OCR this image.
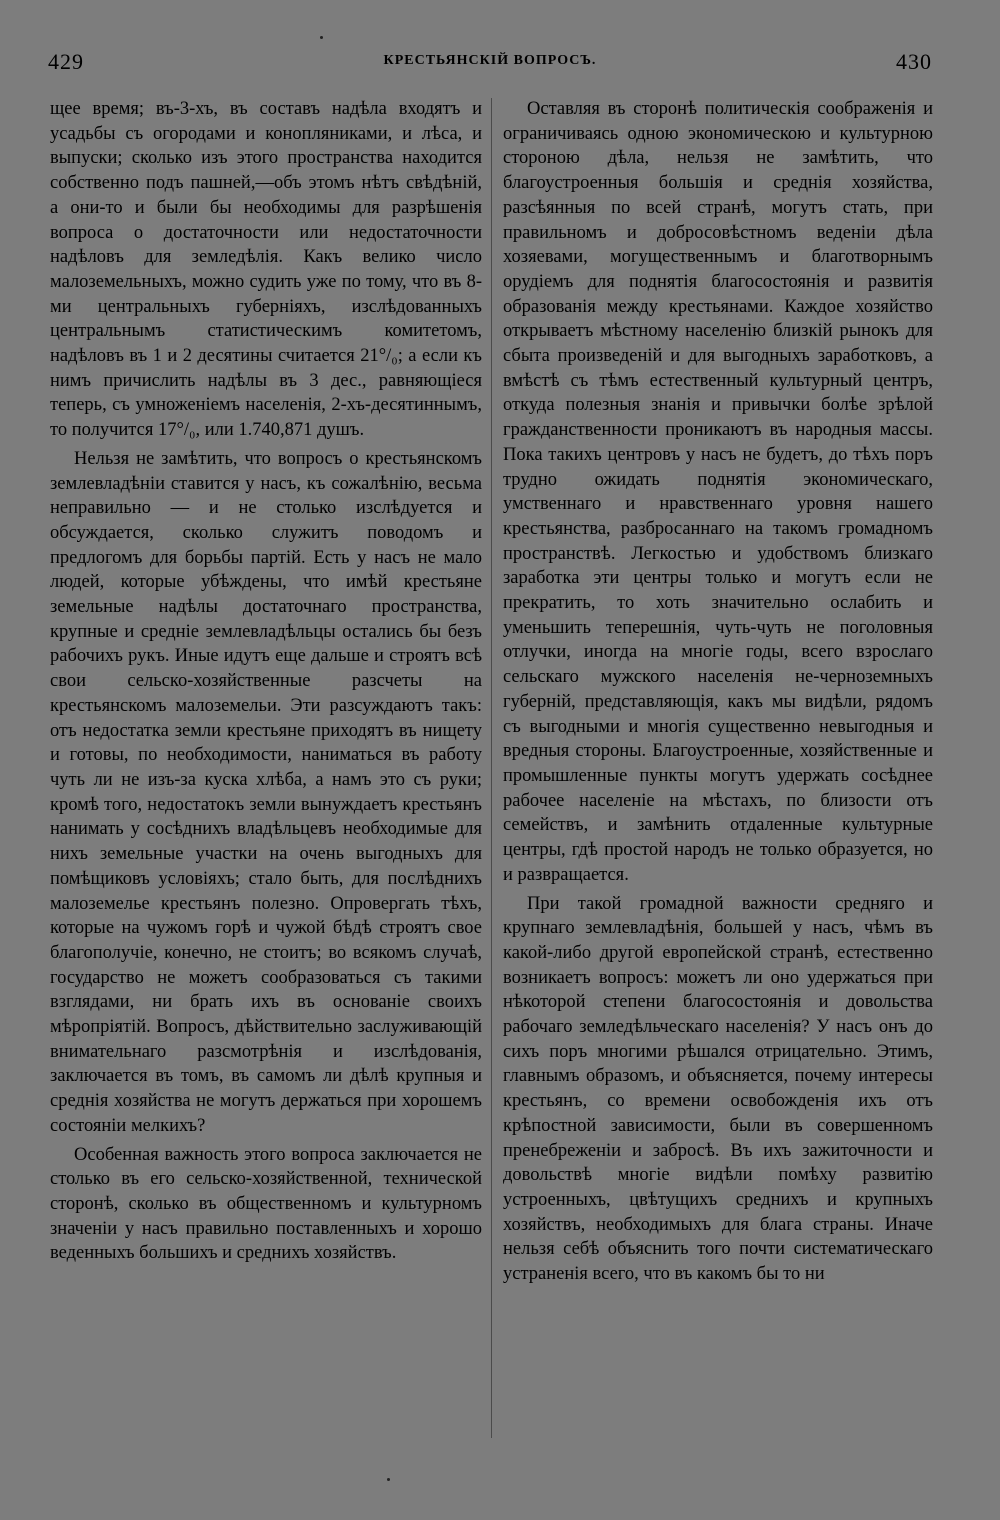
429	КРЕСТЬЯНСКІЙ ВОПРОСЪ.	430

щее время; въ-3-хъ, въ составъ надѣла входятъ и усадьбы съ огородами и конопляниками, и лѣса, и выпуски; сколько изъ этого пространства находится собственно подъ пашней,—объ этомъ нѣтъ свѣдѣній, а они-то и были бы необходимы для разрѣшенія вопроса о достаточности или недостаточности надѣловъ для земледѣлія. Какъ велико число малоземельныхъ, можно судить уже по тому, что въ 8-ми центральныхъ губерніяхъ, изслѣдованныхъ центральнымъ статистическимъ комитетомъ, надѣловъ въ 1 и 2 десятины считается 21°/₀; а если къ нимъ причислить надѣлы въ 3 дес., равняющіеся теперь, съ умноженіемъ населенія, 2-хъ-десятиннымъ, то получится 17°/₀, или 1.740,871 душъ.

Нельзя не замѣтить, что вопросъ о крестьянскомъ землевладѣніи ставится у насъ, къ сожалѣнію, весьма неправильно — и не столько изслѣдуется и обсуждается, сколько служитъ поводомъ и предлогомъ для борьбы партій. Есть у насъ не мало людей, которые убѣждены, что имѣй крестьяне земельные надѣлы достаточнаго пространства, крупные и средніе землевладѣльцы остались бы безъ рабочихъ рукъ. Иные идутъ еще дальше и строятъ всѣ свои сельско-хозяйственные разсчеты на крестьянскомъ малоземельи. Эти разсуждаютъ такъ: отъ недостатка земли крестьяне приходятъ въ нищету и готовы, по необходимости, наниматься въ работу чуть ли не изъ-за куска хлѣба, а намъ это съ руки; кромѣ того, недостатокъ земли вынуждаетъ крестьянъ нанимать у сосѣднихъ владѣльцевъ необходимые для нихъ земельные участки на очень выгодныхъ для помѣщиковъ условіяхъ; стало быть, для послѣднихъ малоземелье крестьянъ полезно. Опровергать тѣхъ, которые на чужомъ горѣ и чужой бѣдѣ строятъ свое благополучіе, конечно, не стоитъ; во всякомъ случаѣ, государство не можетъ сообразоваться съ такими взглядами, ни брать ихъ въ основаніе своихъ мѣропріятій. Вопросъ, дѣйствительно заслуживающій внимательнаго разсмотрѣнія и изслѣдованія, заключается въ томъ, въ самомъ ли дѣлѣ крупныя и среднія хозяйства не могутъ держаться при хорошемъ состояніи мелкихъ?

Особенная важность этого вопроса заключается не столько въ его сельско-хозяйственной, технической сторонѣ, сколько въ общественномъ и культурномъ значеніи у насъ правильно поставленныхъ и хорошо веденныхъ большихъ и среднихъ хозяйствъ.

Оставляя въ сторонѣ политическія соображенія и ограничиваясь одною экономическою и культурною стороною дѣла, нельзя не замѣтить, что благоустроенныя большія и среднія хозяйства, разсѣянныя по всей странѣ, могутъ стать, при правильномъ и добросовѣстномъ веденіи дѣла хозяевами, могущественнымъ и благотворнымъ орудіемъ для поднятія благосостоянія и развитія образованія между крестьянами. Каждое хозяйство открываетъ мѣстному населенію близкій рынокъ для сбыта произведеній и для выгодныхъ заработковъ, а вмѣстѣ съ тѣмъ естественный культурный центръ, откуда полезныя знанія и привычки болѣе зрѣлой гражданственности проникаютъ въ народныя массы. Пока такихъ центровъ у насъ не будетъ, до тѣхъ поръ трудно ожидать поднятія экономическаго, умственнаго и нравственнаго уровня нашего крестьянства, разбросаннаго на такомъ громадномъ пространствѣ. Легкостью и удобствомъ близкаго заработка эти центры только и могутъ если не прекратить, то хоть значительно ослабить и уменьшить теперешнія, чуть-чуть не поголовныя отлучки, иногда на многіе годы, всего взрослаго сельскаго мужского населенія не-черноземныхъ губерній, представляющія, какъ мы видѣли, рядомъ съ выгодными и многія существенно невыгодныя и вредныя стороны. Благоустроенные, хозяйственные и промышленные пункты могутъ удержать сосѣднее рабочее населеніе на мѣстахъ, по близости отъ семействъ, и замѣнить отдаленные культурные центры, гдѣ простой народъ не только образуется, но и развращается.

При такой громадной важности средняго и крупнаго землевладѣнія, большей у насъ, чѣмъ въ какой-либо другой европейской странѣ, естественно возникаетъ вопросъ: можетъ ли оно удержаться при нѣкоторой степени благосостоянія и довольства рабочаго земледѣльческаго населенія? У насъ онъ до сихъ поръ многими рѣшался отрицательно. Этимъ, главнымъ образомъ, и объясняется, почему интересы крестьянъ, со времени освобожденія ихъ отъ крѣпостной зависимости, были въ совершенномъ пренебреженіи и забросѣ. Въ ихъ зажиточности и довольствѣ многіе видѣли помѣху развитію устроенныхъ, цвѣтущихъ среднихъ и крупныхъ хозяйствъ, необходимыхъ для блага страны. Иначе нельзя себѣ объяснить того почти систематическаго устраненія всего, что въ какомъ бы то ни
